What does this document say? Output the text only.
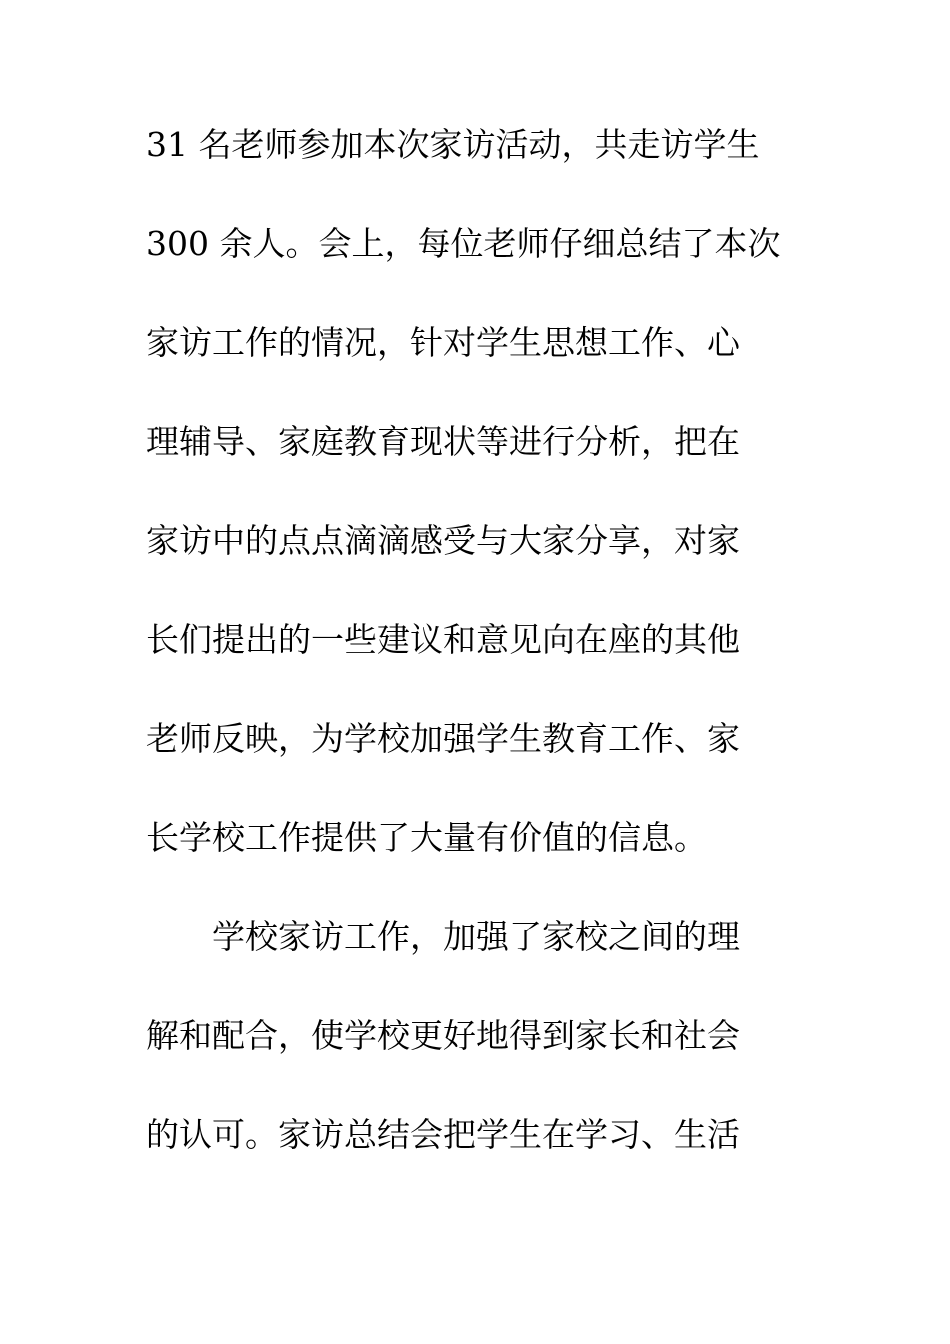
31 名老师参加本次家访活动，共走访学生
300 余人。会上，每位老师仔细总结了本次
家访工作的情况，针对学生思想工作、心
理辅导、家庭教育现状等进行分析，把在
家访中的点点滴滴感受与大家分享，对家
长们提出的一些建议和意见向在座的其他
老师反映，为学校加强学生教育工作、家
长学校工作提供了大量有价值的信息。
学校家访工作，加强了家校之间的理
解和配合，使学校更好地得到家长和社会
的认可。家访总结会把学生在学习、生活
